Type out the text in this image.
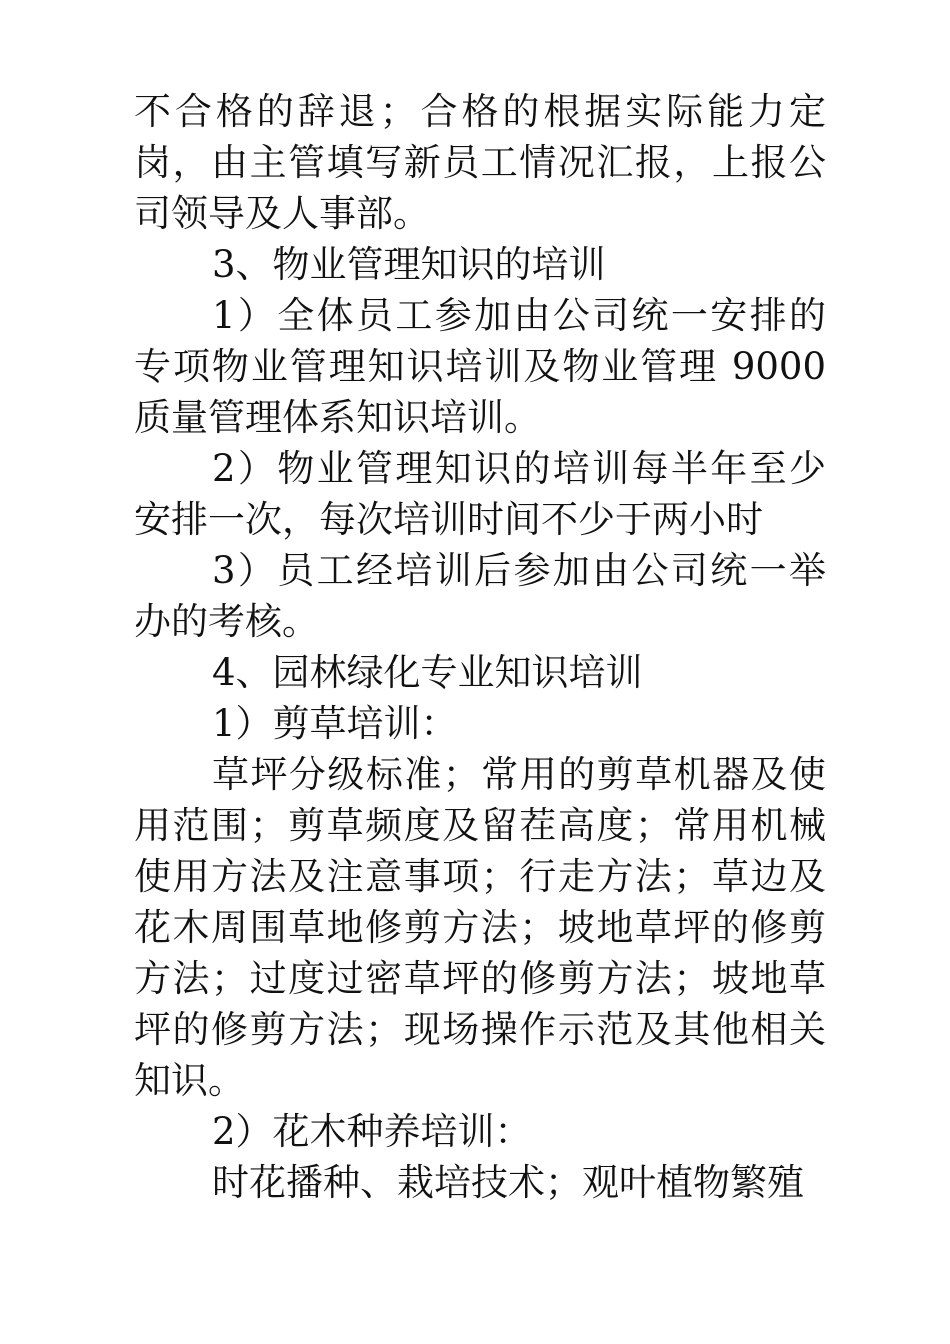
不合格的辞退；合格的根据实际能力定岗，由主管填写新员工情况汇报，上报公司领导及人事部。

3、物业管理知识的培训

1）全体员工参加由公司统一安排的专项物业管理知识培训及物业管理 9000 质量管理体系知识培训。

2）物业管理知识的培训每半年至少安排一次，每次培训时间不少于两小时

3）员工经培训后参加由公司统一举办的考核。

4、园林绿化专业知识培训

1）剪草培训：

草坪分级标准；常用的剪草机器及使用范围；剪草频度及留茬高度；常用机械使用方法及注意事项；行走方法；草边及花木周围草地修剪方法；坡地草坪的修剪方法；过度过密草坪的修剪方法；坡地草坪的修剪方法；现场操作示范及其他相关知识。

2）花木种养培训：

时花播种、栽培技术；观叶植物繁殖
